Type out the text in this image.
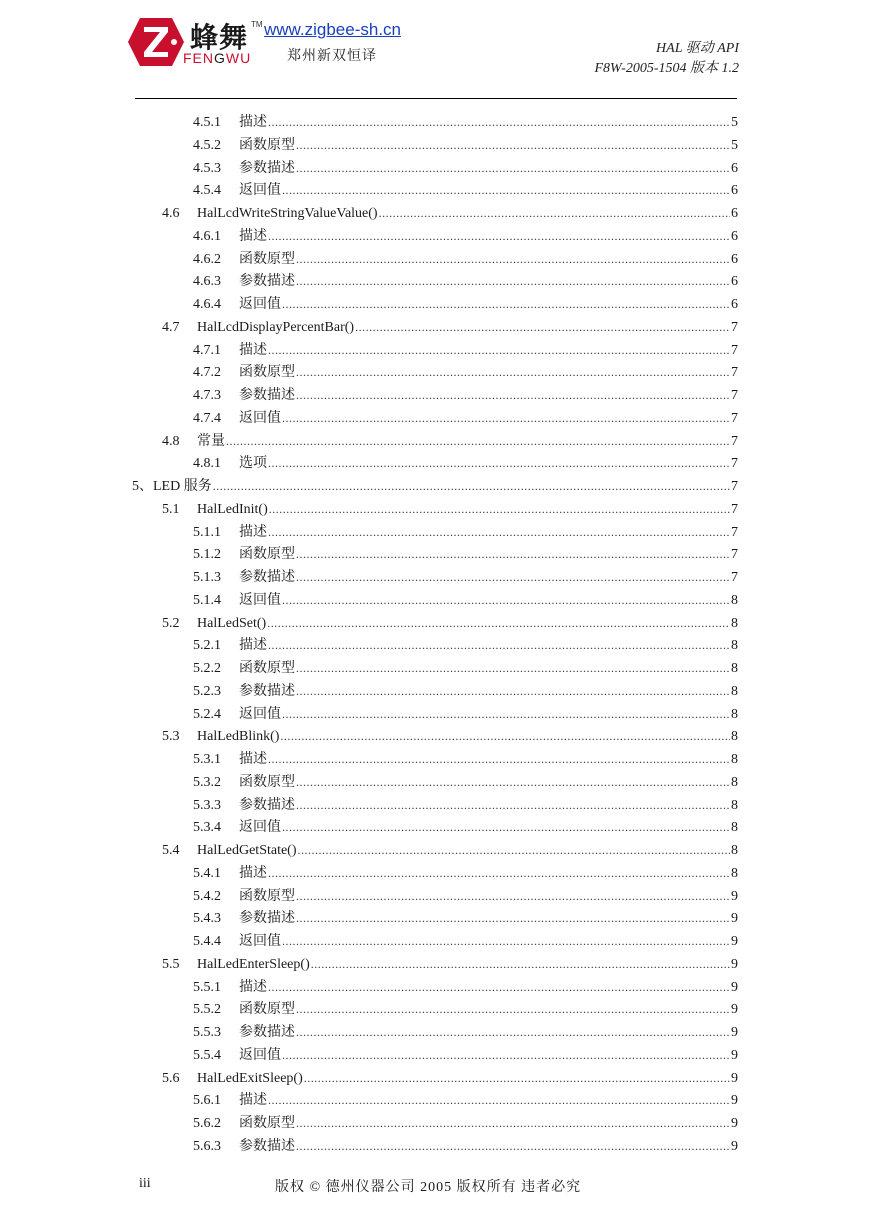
蜂舞 TM
FENGWU
www.zigbee-sh.cn
郑州新双恒译
HAL 驱动 API
F8W-2005-1504 版本 1.2
4.5.1	描述 .....	5
4.5.2	函数原型 .....	5
4.5.3	参数描述 .....	6
4.5.4	返回值 .....	6
4.6	HalLcdWriteStringValueValue() .....	6
4.6.1	描述 .....	6
4.6.2	函数原型 .....	6
4.6.3	参数描述 .....	6
4.6.4	返回值 .....	6
4.7	HalLcdDisplayPercentBar() .....	7
4.7.1	描述 .....	7
4.7.2	函数原型 .....	7
4.7.3	参数描述 .....	7
4.7.4	返回值 .....	7
4.8	常量 .....	7
4.8.1	选项 .....	7
5、 LED 服务 .....	7
5.1	HalLedInit() .....	7
5.1.1	描述 .....	7
5.1.2	函数原型 .....	7
5.1.3	参数描述 .....	7
5.1.4	返回值 .....	8
5.2	HalLedSet() .....	8
5.2.1	描述 .....	8
5.2.2	函数原型 .....	8
5.2.3	参数描述 .....	8
5.2.4	返回值 .....	8
5.3	HalLedBlink() .....	8
5.3.1	描述 .....	8
5.3.2	函数原型 .....	8
5.3.3	参数描述 .....	8
5.3.4	返回值 .....	8
5.4	HalLedGetState() .....	8
5.4.1	描述 .....	8
5.4.2	函数原型 .....	9
5.4.3	参数描述 .....	9
5.4.4	返回值 .....	9
5.5	HalLedEnterSleep() .....	9
5.5.1	描述 .....	9
5.5.2	函数原型 .....	9
5.5.3	参数描述 .....	9
5.5.4	返回值 .....	9
5.6	HalLedExitSleep() .....	9
5.6.1	描述 .....	9
5.6.2	函数原型 .....	9
5.6.3	参数描述 .....	9
iii	版权 © 德州仪器公司 2005 版权所有 违者必究
